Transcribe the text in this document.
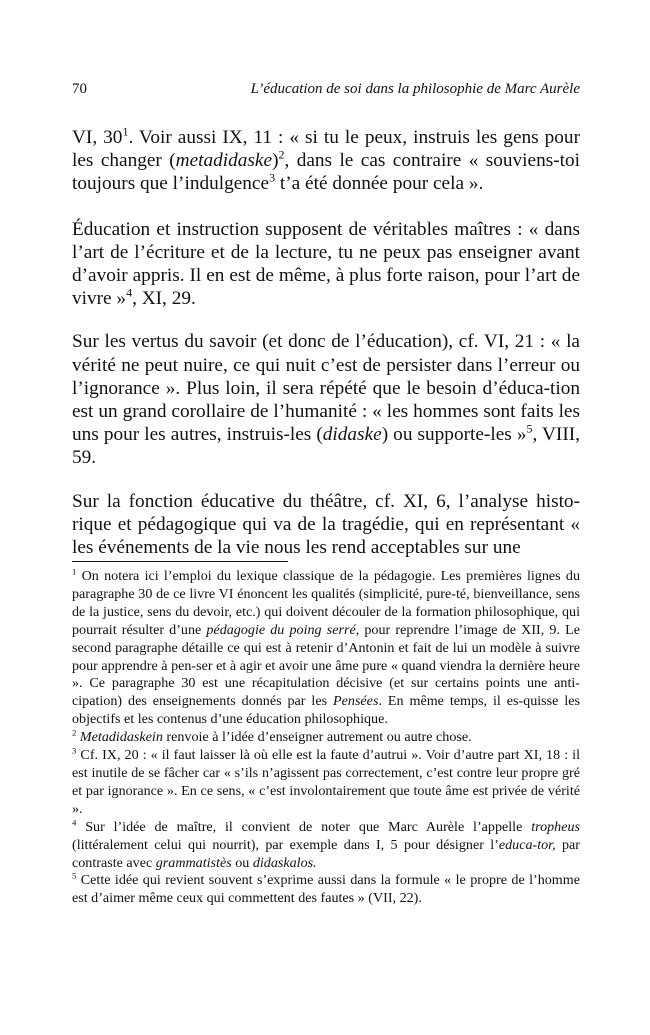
70	L’éducation de soi dans la philosophie de Marc Aurèle

VI, $30^1$. Voir aussi IX, 11 : « si tu le peux, instruis les gens pour les changer (metadidaske)$^2$, dans le cas contraire « souviens-toi toujours que l’indulgence$^3$ t’a été donnée pour cela ».

Éducation et instruction supposent de véritables maîtres : « dans l’art de l’écriture et de la lecture, tu ne peux pas enseigner avant d’avoir appris. Il en est de même, à plus forte raison, pour l’art de vivre »$^4$, XI, 29.

Sur les vertus du savoir (et donc de l’éducation), cf. VI, 21 : « la vérité ne peut nuire, ce qui nuit c’est de persister dans l’erreur ou l’ignorance ». Plus loin, il sera répété que le besoin d’éduca-tion est un grand corollaire de l’humanité : « les hommes sont faits les uns pour les autres, instruis-les (didaske) ou supporte-les »$^5$, VIII, 59.

Sur la fonction éducative du théâtre, cf. XI, 6, l’analyse histo-rique et pédagogique qui va de la tragédie, qui en représentant « les événements de la vie nous les rend acceptables sur une

$^1$ On notera ici l’emploi du lexique classique de la pédagogie. Les premières lignes du paragraphe 30 de ce livre VI énoncent les qualités (simplicité, pure-té, bienveillance, sens de la justice, sens du devoir, etc.) qui doivent découler de la formation philosophique, qui pourrait résulter d’une pédagogie du poing serré, pour reprendre l’image de XII, 9. Le second paragraphe détaille ce qui est à retenir d’Antonin et fait de lui un modèle à suivre pour apprendre à pen-ser et à agir et avoir une âme pure « quand viendra la dernière heure ». Ce paragraphe 30 est une récapitulation décisive (et sur certains points une anti-cipation) des enseignements donnés par les Pensées. En même temps, il es-quisse les objectifs et les contenus d’une éducation philosophique.

$^2$ Metadidaskein renvoie à l’idée d’enseigner autrement ou autre chose.

$^3$ Cf. IX, 20 : « il faut laisser là où elle est la faute d’autrui ». Voir d’autre part XI, 18 : il est inutile de se fâcher car « s’ils n’agissent pas correctement, c’est contre leur propre gré et par ignorance ». En ce sens, « c’est involontairement que toute âme est privée de vérité ».

$^4$ Sur l’idée de maître, il convient de noter que Marc Aurèle l’appelle tropheus (littéralement celui qui nourrit), par exemple dans I, 5 pour désigner l’educa-tor, par contraste avec grammatistès ou didaskalos.

$^5$ Cette idée qui revient souvent s’exprime aussi dans la formule « le propre de l’homme est d’aimer même ceux qui commettent des fautes » (VII, 22).
